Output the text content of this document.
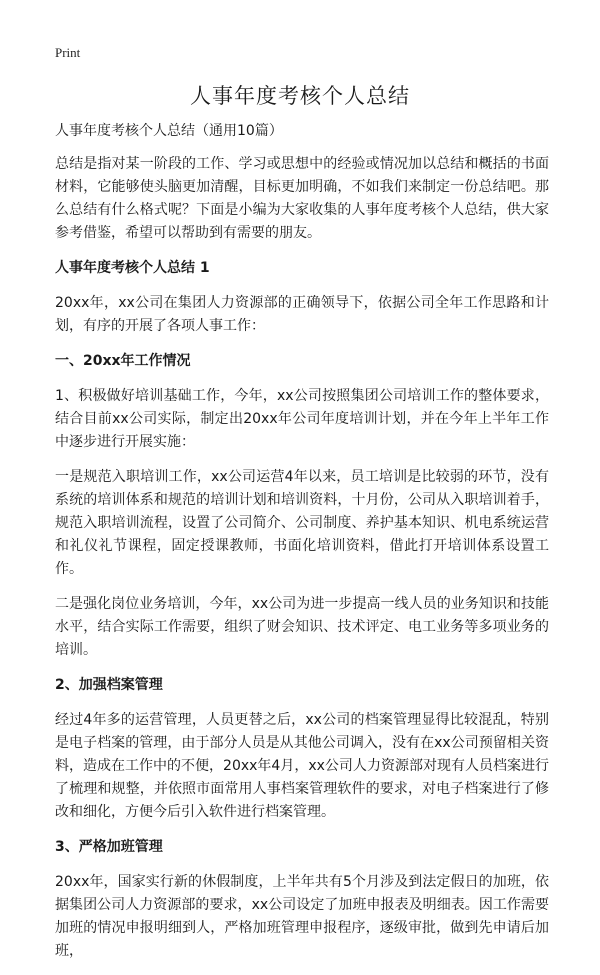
Print
人事年度考核个人总结

人事年度考核个人总结（通用10篇）

总结是指对某一阶段的工作、学习或思想中的经验或情况加以总结和概括的书面材料，它能够使头脑更加清醒，目标更加明确，不如我们来制定一份总结吧。那么总结有什么格式呢？下面是小编为大家收集的人事年度考核个人总结，供大家参考借鉴，希望可以帮助到有需要的朋友。

人事年度考核个人总结 1

20xx年，xx公司在集团人力资源部的正确领导下，依据公司全年工作思路和计划，有序的开展了各项人事工作：

一、20xx年工作情况

1、积极做好培训基础工作，今年，xx公司按照集团公司培训工作的整体要求，结合目前xx公司实际，制定出20xx年公司年度培训计划，并在今年上半年工作中逐步进行开展实施：

一是规范入职培训工作，xx公司运营4年以来，员工培训是比较弱的环节，没有系统的培训体系和规范的培训计划和培训资料，十月份，公司从入职培训着手，规范入职培训流程，设置了公司简介、公司制度、养护基本知识、机电系统运营和礼仪礼节课程，固定授课教师，书面化培训资料，借此打开培训体系设置工作。

二是强化岗位业务培训，今年，xx公司为进一步提高一线人员的业务知识和技能水平，结合实际工作需要，组织了财会知识、技术评定、电工业务等多项业务的培训。

2、加强档案管理

经过4年多的运营管理，人员更替之后，xx公司的档案管理显得比较混乱，特别是电子档案的管理，由于部分人员是从其他公司调入，没有在xx公司预留相关资料，造成在工作中的不便，20xx年4月，xx公司人力资源部对现有人员档案进行了梳理和规整，并依照市面常用人事档案管理软件的要求，对电子档案进行了修改和细化，方便今后引入软件进行档案管理。

3、严格加班管理

20xx年，国家实行新的休假制度，上半年共有5个月涉及到法定假日的加班，依据集团公司人力资源部的要求，xx公司设定了加班申报表及明细表。因工作需要加班的情况申报明细到人，严格加班管理申报程序，逐级审批，做到先申请后加班，
